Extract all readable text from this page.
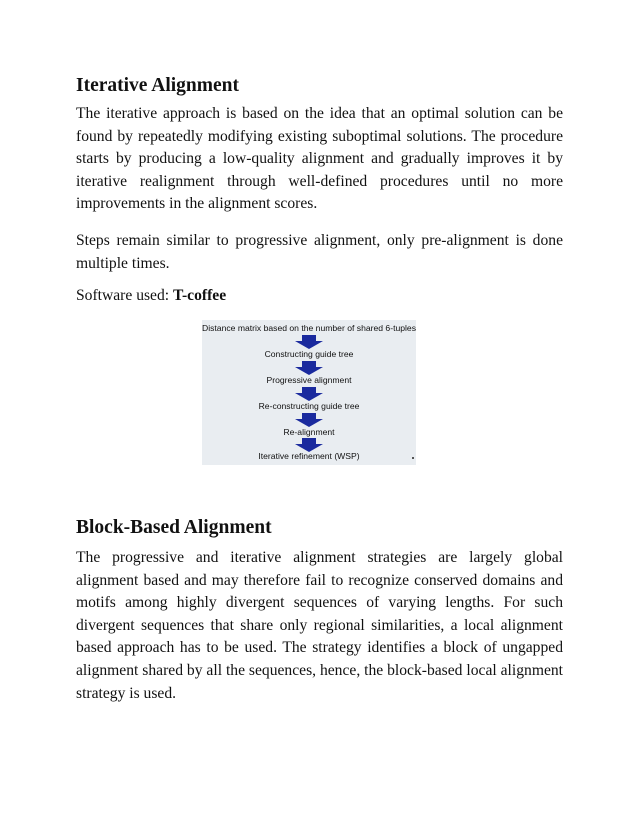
Iterative Alignment

The iterative approach is based on the idea that an optimal solution can be found by repeatedly modifying existing suboptimal solutions. The procedure starts by producing a low-quality alignment and gradually improves it by iterative realignment through well-defined procedures until no more improvements in the alignment scores.

Steps remain similar to progressive alignment, only pre-alignment is done multiple times.

Software used: T-coffee

Distance matrix based on the number of shared 6-tuples
Constructing guide tree
Progressive alignment
Re-constructing guide tree
Re-alignment
Iterative refinement (WSP)
Block-Based Alignment

The progressive and iterative alignment strategies are largely global alignment based and may therefore fail to recognize conserved domains and motifs among highly divergent sequences of varying lengths. For such divergent sequences that share only regional similarities, a local alignment based approach has to be used. The strategy identifies a block of ungapped alignment shared by all the sequences, hence, the block-based local alignment strategy is used.
